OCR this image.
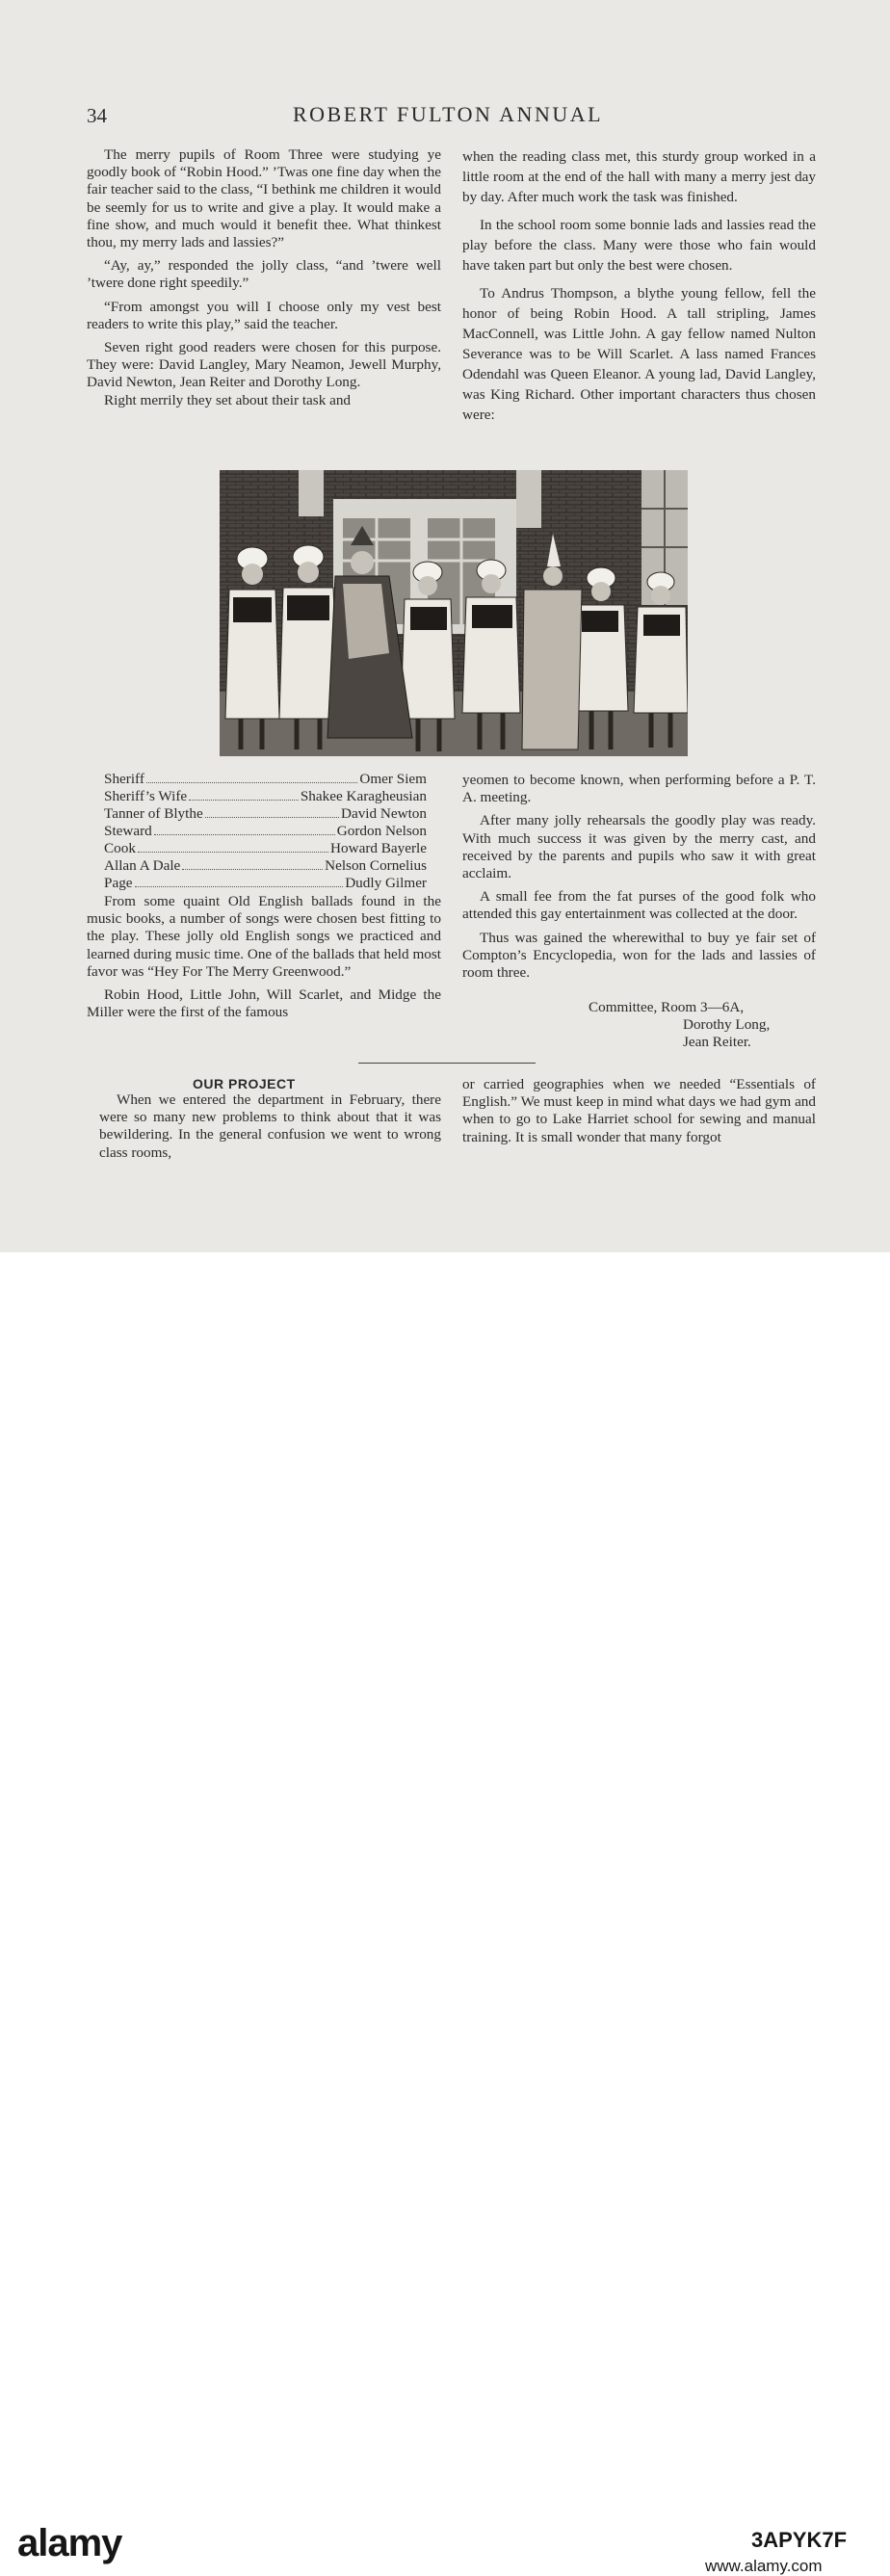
34	ROBERT FULTON ANNUAL

The merry pupils of Room Three were studying ye goodly book of “Robin Hood.” ’Twas one fine day when the fair teacher said to the class, “I bethink me children it would be seemly for us to write and give a play. It would make a fine show, and much would it benefit thee. What thinkest thou, my merry lads and lassies?”

“Ay, ay,” responded the jolly class, “and ’twere well ’twere done right speedily.”

“From amongst you will I choose only my vest best readers to write this play,” said the teacher.

Seven right good readers were chosen for this purpose. They were: David Langley, Mary Neamon, Jewell Murphy, David Newton, Jean Reiter and Dorothy Long.

Right merrily they set about their task and

when the reading class met, this sturdy group worked in a little room at the end of the hall with many a merry jest day by day. After much work the task was finished.

In the school room some bonnie lads and lassies read the play before the class. Many were those who fain would have taken part but only the best were chosen.

To Andrus Thompson, a blythe young fellow, fell the honor of being Robin Hood. A tall stripling, James MacConnell, was Little John. A gay fellow named Nulton Severance was to be Will Scarlet. A lass named Frances Odendahl was Queen Eleanor. A young lad, David Langley, was King Richard. Other important characters thus chosen were:

Sheriff	Omer Siem
Sheriff’s Wife	Shakee Karagheusian
Tanner of Blythe	David Newton
Steward	Gordon Nelson
Cook	Howard Bayerle
Allan A Dale	Nelson Cornelius
Page	Dudly Gilmer

From some quaint Old English ballads found in the music books, a number of songs were chosen best fitting to the play. These jolly old English songs we practiced and learned during music time. One of the ballads that held most favor was “Hey For The Merry Greenwood.”

Robin Hood, Little John, Will Scarlet, and Midge the Miller were the first of the famous

yeomen to become known, when performing before a P. T. A. meeting.

After many jolly rehearsals the goodly play was ready. With much success it was given by the merry cast, and received by the parents and pupils who saw it with great acclaim.

A small fee from the fat purses of the good folk who attended this gay entertainment was collected at the door.

Thus was gained the wherewithal to buy ye fair set of Compton’s Encyclopedia, won for the lads and lassies of room three.

Committee, Room 3—6A,
Dorothy Long,
Jean Reiter.
OUR PROJECT

When we entered the department in February, there were so many new problems to think about that it was bewildering. In the general confusion we went to wrong class rooms,

or carried geographies when we needed “Essentials of English.” We must keep in mind what days we had gym and when to go to Lake Harriet school for sewing and manual training. It is small wonder that many forgot

alamy	3APYK7F
www.alamy.com
